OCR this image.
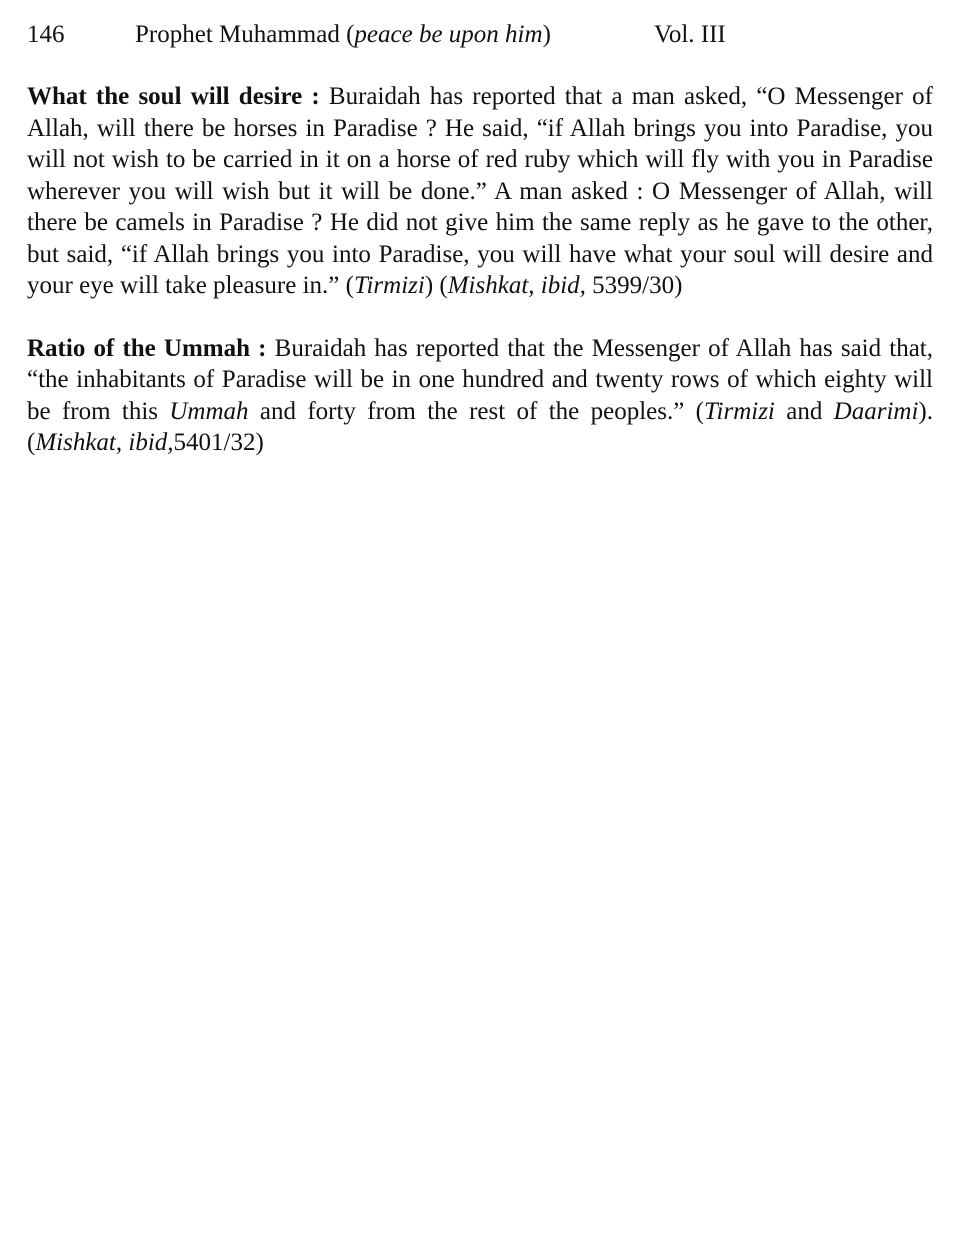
146	Prophet Muhammad (peace be upon him)	Vol. III

What the soul will desire : Buraidah has reported that a man asked, “O Messenger of Allah, will there be horses in Paradise ? He said, “if Allah brings you into Paradise, you will not wish to be carried in it on a horse of red ruby which will fly with you in Paradise wherever you will wish but it will be done.” A man asked : O Messenger of Allah, will there be camels in Paradise ? He did not give him the same reply as he gave to the other, but said, “if Allah brings you into Paradise, you will have what your soul will desire and your eye will take pleasure in.” (Tirmizi) (Mishkat, ibid, 5399/30)

Ratio of the Ummah : Buraidah has reported that the Messenger of Allah has said that, “the inhabitants of Paradise will be in one hundred and twenty rows of which eighty will be from this Ummah and forty from the rest of the peoples.” (Tirmizi and Daarimi). (Mishkat, ibid,5401/32)
